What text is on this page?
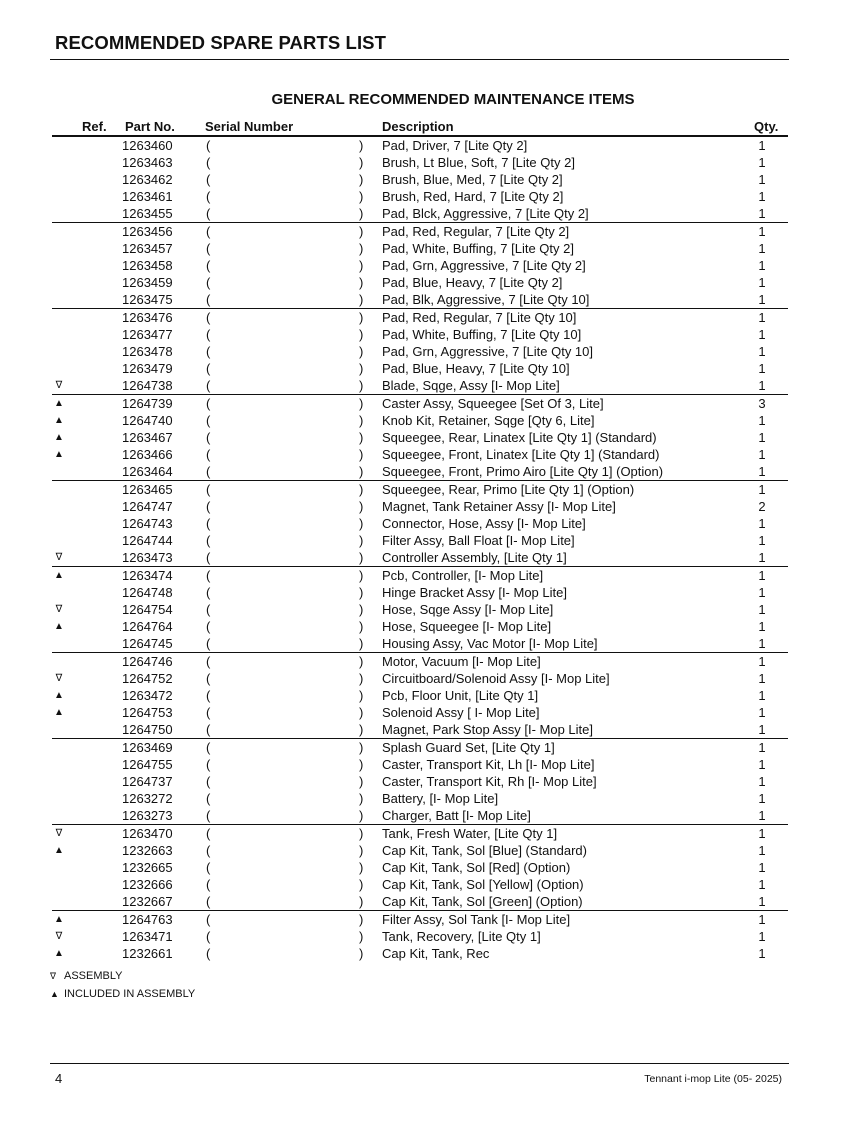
RECOMMENDED SPARE PARTS LIST
GENERAL RECOMMENDED MAINTENANCE ITEMS
Ref. Part No. Serial Number	Description	Qty.
1263460	(	) Pad, Driver, 7 [Lite Qty 2]	1
1263463	(	) Brush, Lt Blue, Soft, 7 [Lite Qty 2]	1
1263462	(	) Brush, Blue, Med, 7 [Lite Qty 2]	1
1263461	(	) Brush, Red, Hard, 7 [Lite Qty 2]	1
1263455	(	) Pad, Blck, Aggressive, 7 [Lite Qty 2]	1
1263456	(	) Pad, Red, Regular, 7 [Lite Qty 2]	1
1263457	(	) Pad, White, Buffing, 7 [Lite Qty 2]	1
1263458	(	) Pad, Grn, Aggressive, 7 [Lite Qty 2]	1
1263459	(	) Pad, Blue, Heavy, 7 [Lite Qty 2]	1
1263475	(	) Pad, Blk, Aggressive, 7 [Lite Qty 10]	1
1263476	(	) Pad, Red, Regular, 7 [Lite Qty 10]	1
1263477	(	) Pad, White, Buffing, 7 [Lite Qty 10]	1
1263478	(	) Pad, Grn, Aggressive, 7 [Lite Qty 10]	1
1263479	(	) Pad, Blue, Heavy, 7 [Lite Qty 10]	1
∇	1264738	(	) Blade, Sqge, Assy [I- Mop Lite]	1
▲	1264739	(	) Caster Assy, Squeegee [Set Of 3, Lite]	3
▲	1264740	(	) Knob Kit, Retainer, Sqge [Qty 6, Lite]	1
▲	1263467	(	) Squeegee, Rear, Linatex [Lite Qty 1] (Standard)	1
▲	1263466	(	) Squeegee, Front, Linatex [Lite Qty 1] (Standard)	1
1263464	(	) Squeegee, Front, Primo Airo [Lite Qty 1] (Option)	1
1263465	(	) Squeegee, Rear, Primo [Lite Qty 1] (Option)	1
1264747	(	) Magnet, Tank Retainer Assy [I- Mop Lite]	2
1264743	(	) Connector, Hose, Assy [I- Mop Lite]	1
1264744	(	) Filter Assy, Ball Float [I- Mop Lite]	1
∇	1263473	(	) Controller Assembly, [Lite Qty 1]	1
▲	1263474	(	) Pcb, Controller, [I- Mop Lite]	1
1264748	(	) Hinge Bracket Assy [I- Mop Lite]	1
∇	1264754	(	) Hose, Sqge Assy [I- Mop Lite]	1
▲	1264764	(	) Hose, Squeegee [I- Mop Lite]	1
1264745	(	) Housing Assy, Vac Motor [I- Mop Lite]	1
1264746	(	) Motor, Vacuum [I- Mop Lite]	1
∇	1264752	(	) Circuitboard/Solenoid Assy [I- Mop Lite]	1
▲	1263472	(	) Pcb, Floor Unit, [Lite Qty 1]	1
▲	1264753	(	) Solenoid Assy [ I- Mop Lite]	1
1264750	(	) Magnet, Park Stop Assy [I- Mop Lite]	1
1263469	(	) Splash Guard Set, [Lite Qty 1]	1
1264755	(	) Caster, Transport Kit, Lh [I- Mop Lite]	1
1264737	(	) Caster, Transport Kit, Rh [I- Mop Lite]	1
1263272	(	) Battery, [I- Mop Lite]	1
1263273	(	) Charger, Batt [I- Mop Lite]	1
∇	1263470	(	) Tank, Fresh Water, [Lite Qty 1]	1
▲	1232663	(	) Cap Kit, Tank, Sol [Blue] (Standard)	1
1232665	(	) Cap Kit, Tank, Sol [Red] (Option)	1
1232666	(	) Cap Kit, Tank, Sol [Yellow] (Option)	1
1232667	(	) Cap Kit, Tank, Sol [Green] (Option)	1
▲	1264763	(	) Filter Assy, Sol Tank [I- Mop Lite]	1
∇	1263471	(	) Tank, Recovery, [Lite Qty 1]	1
▲	1232661	(	) Cap Kit, Tank, Rec	1
∇ ASSEMBLY
▲ INCLUDED IN ASSEMBLY
4	Tennant i-mop Lite (05- 2025)
